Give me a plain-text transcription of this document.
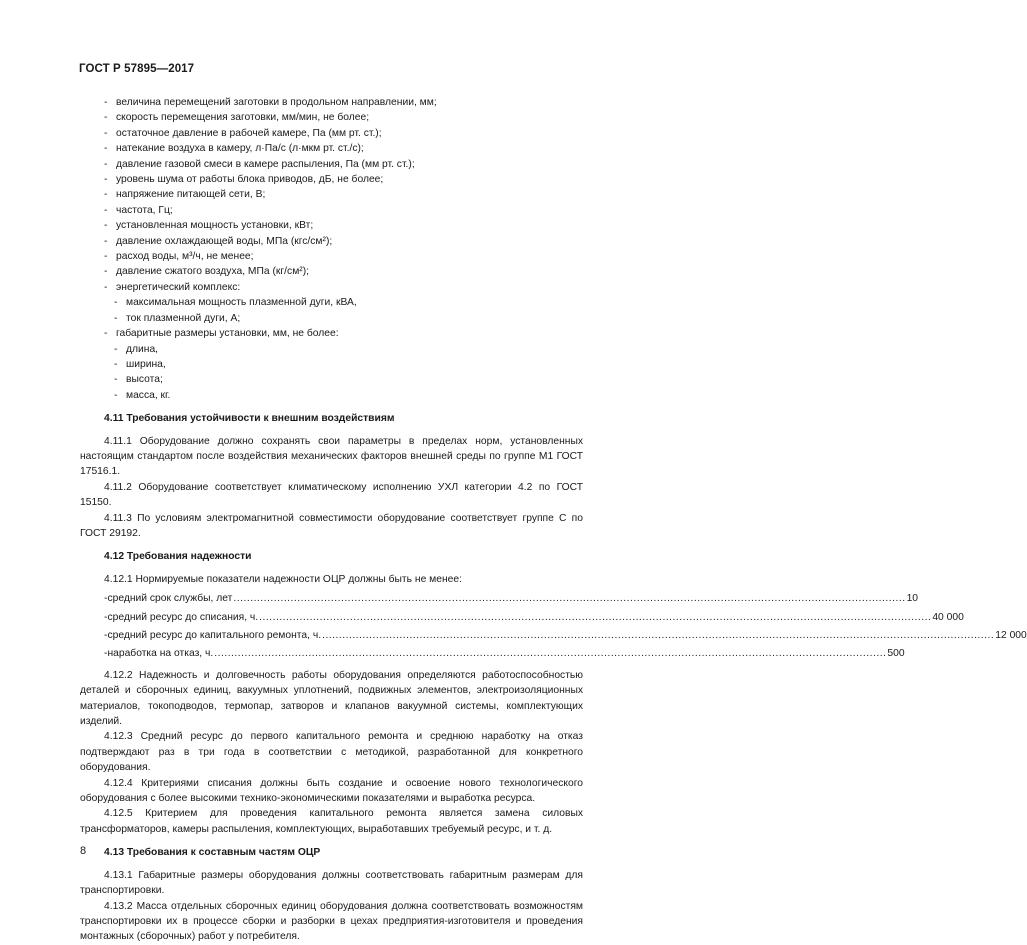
ГОСТ Р 57895—2017
- величина перемещений заготовки в продольном направлении, мм;
- скорость перемещения заготовки, мм/мин, не более;
- остаточное давление в рабочей камере, Па (мм рт. ст.);
- натекание воздуха в камеру, л·Па/с (л·мкм рт. ст./с);
- давление газовой смеси в камере распыления, Па (мм рт. ст.);
- уровень шума от работы блока приводов, дБ, не более;
- напряжение питающей сети, В;
- частота, Гц;
- установленная мощность установки, кВт;
- давление охлаждающей воды, МПа (кгс/см²);
- расход воды, м³/ч, не менее;
- давление сжатого воздуха, МПа (кг/см²);
- энергетический комплекс:
- максимальная мощность плазменной дуги, кВА,
- ток плазменной дуги, А;
- габаритные размеры установки, мм, не более:
- длина,
- ширина,
- высота;
- масса, кг.
4.11 Требования устойчивости к внешним воздействиям
4.11.1 Оборудование должно сохранять свои параметры в пределах норм, установленных настоящим стандартом после воздействия механических факторов внешней среды по группе М1 ГОСТ 17516.1.
4.11.2 Оборудование соответствует климатическому исполнению УХЛ категории 4.2 по ГОСТ 15150.
4.11.3 По условиям электромагнитной совместимости оборудование соответствует группе С по ГОСТ 29192.
4.12 Требования надежности
4.12.1 Нормируемые показатели надежности ОЦР должны быть не менее:
- средний срок службы, лет ........................................................................................................................................................................................................ 10
- средний ресурс до списания, ч. ........................................................................................................................................................................................................ 40 000
- средний ресурс до капитального ремонта, ч. ........................................................................................................................................................................................................ 12 000
- наработка на отказ, ч. ........................................................................................................................................................................................................ 500
4.12.2 Надежность и долговечность работы оборудования определяются работоспособностью деталей и сборочных единиц, вакуумных уплотнений, подвижных элементов, электроизоляционных материалов, токоподводов, термопар, затворов и клапанов вакуумной системы, комплектующих изделий.
4.12.3 Средний ресурс до первого капитального ремонта и среднюю наработку на отказ подтверждают раз в три года в соответствии с методикой, разработанной для конкретного оборудования.
4.12.4 Критериями списания должны быть создание и освоение нового технологического оборудования с более высокими технико-экономическими показателями и выработка ресурса.
4.12.5 Критерием для проведения капитального ремонта является замена силовых трансформаторов, камеры распыления, комплектующих, выработавших требуемый ресурс, и т. д.
4.13 Требования к составным частям ОЦР
4.13.1 Габаритные размеры оборудования должны соответствовать габаритным размерам для транспортировки.
4.13.2 Масса отдельных сборочных единиц оборудования должна соответствовать возможностям транспортировки их в процессе сборки и разборки в цехах предприятия-изготовителя и проведения монтажных (сборочных) работ у потребителя.
8
